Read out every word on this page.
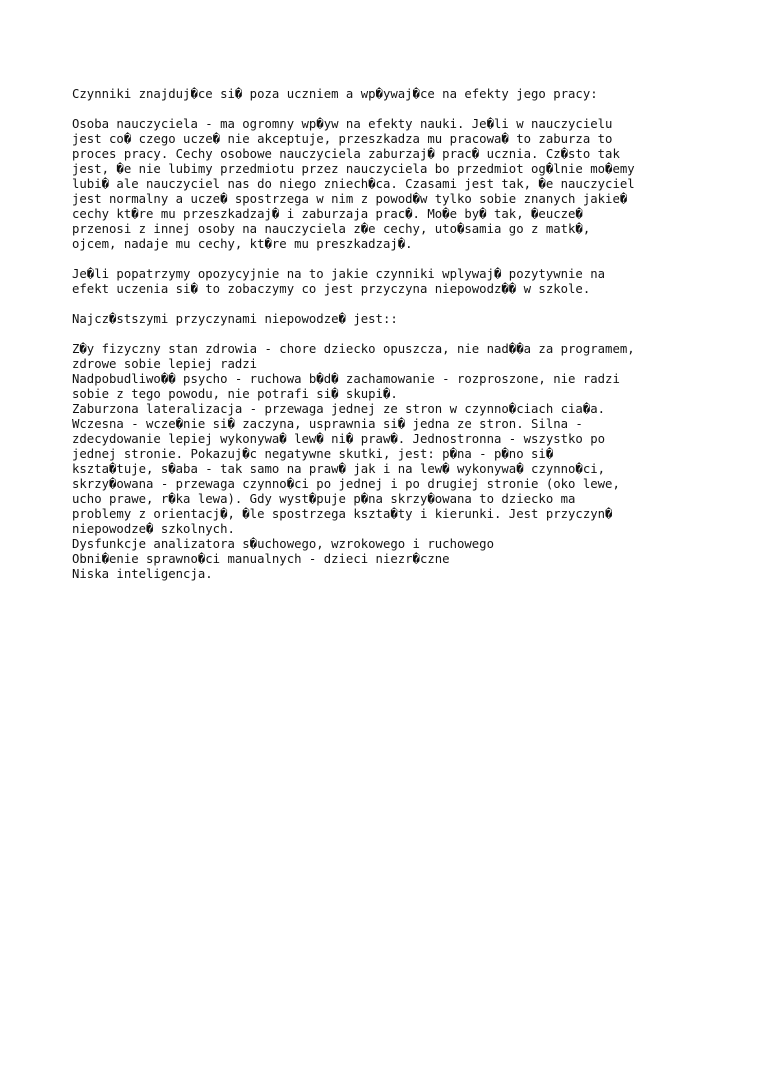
Czynniki znajduj�ce si� poza uczniem a wp�ywaj�ce na efekty jego pracy:
Osoba nauczyciela - ma ogromny wp�yw na efekty nauki. Je�li w nauczycielu
jest co� czego ucze� nie akceptuje, przeszkadza mu pracowa� to zaburza to
proces pracy. Cechy osobowe nauczyciela zaburzaj� prac� ucznia. Cz�sto tak
jest, �e nie lubimy przedmiotu przez nauczyciela bo przedmiot og�lnie mo�emy
lubi� ale nauczyciel nas do niego zniech�ca. Czasami jest tak, �e nauczyciel
jest normalny a ucze� spostrzega w nim z powod�w tylko sobie znanych jakie�
cechy kt�re mu przeszkadzaj� i zaburzaja prac�. Mo�e by� tak, �eucze�
przenosi z innej osoby na nauczyciela z�e cechy, uto�samia go z matk�,
ojcem, nadaje mu cechy, kt�re mu preszkadzaj�.
Je�li popatrzymy opozycyjnie na to jakie czynniki wplywaj� pozytywnie na
efekt uczenia si� to zobaczymy co jest przyczyna niepowodz�� w szkole.
Najcz�stszymi przyczynami niepowodze� jest::
Z�y fizyczny stan zdrowia - chore dziecko opuszcza, nie nad��a za programem,
zdrowe sobie lepiej radzi
Nadpobudliwo�� psycho - ruchowa b�d� zachamowanie - rozproszone, nie radzi
sobie z tego powodu, nie potrafi si� skupi�.
Zaburzona lateralizacja - przewaga jednej ze stron w czynno�ciach cia�a.
Wczesna - wcze�nie si� zaczyna, usprawnia si� jedna ze stron. Silna -
zdecydowanie lepiej wykonywa� lew� ni� praw�. Jednostronna - wszystko po
jednej stronie. Pokazuj�c negatywne skutki, jest: p�na - p�no si�
kszta�tuje, s�aba - tak samo na praw� jak i na lew� wykonywa� czynno�ci,
skrzy�owana - przewaga czynno�ci po jednej i po drugiej stronie (oko lewe,
ucho prawe, r�ka lewa). Gdy wyst�puje p�na skrzy�owana to dziecko ma
problemy z orientacj�, �le spostrzega kszta�ty i kierunki. Jest przyczyn�
niepowodze� szkolnych.
Dysfunkcje analizatora s�uchowego, wzrokowego i ruchowego
Obni�enie sprawno�ci manualnych - dzieci niezr�czne
Niska inteligencja.
